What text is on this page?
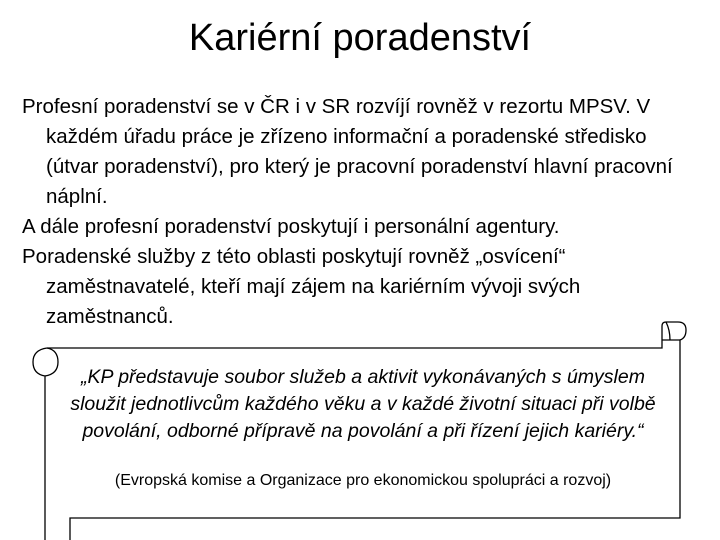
Kariérní poradenství
Profesní poradenství se v ČR i v SR rozvíjí rovněž v rezortu MPSV. V každém úřadu práce je zřízeno informační a poradenské středisko (útvar poradenství), pro který je pracovní poradenství hlavní pracovní náplní.
A dále profesní poradenství poskytují i personální agentury.
Poradenské služby z této oblasti poskytují rovněž „osvícení“ zaměstnavatelé, kteří mají zájem na kariérním vývoji svých zaměstnanců.
„KP představuje soubor služeb a aktivit vykonávaných s úmyslem sloužit jednotlivcům každého věku a v každé životní situaci při volbě povolání, odborné přípravě na povolání a při řízení jejich kariéry.“
(Evropská komise a Organizace pro ekonomickou spolupráci a rozvoj)
